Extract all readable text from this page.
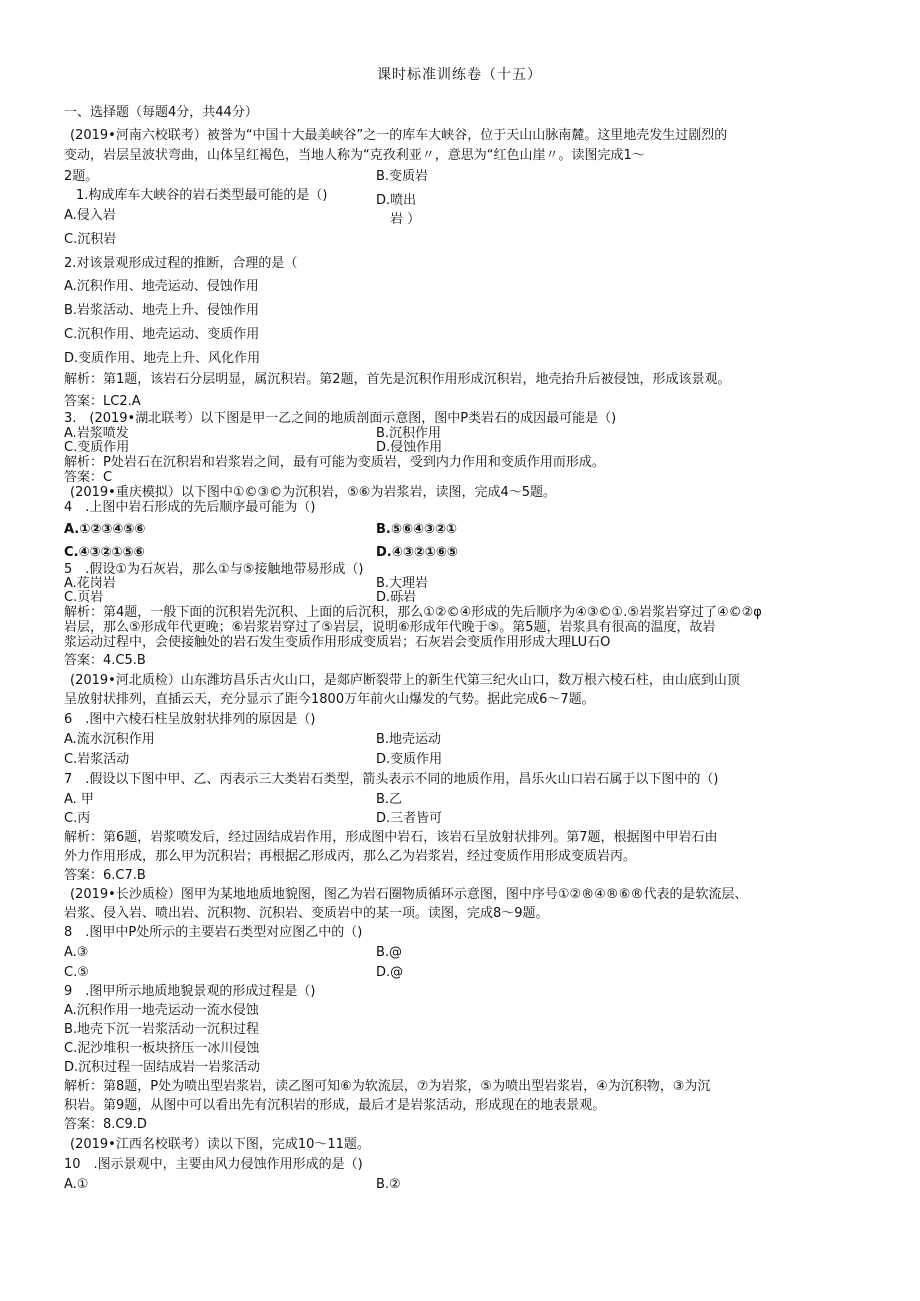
课时标准训练卷（十五）
一、选择题（每题4分，共44分）
(2019•河南六校联考）被誉为“中国十大最美峡谷”之一的库车大峡谷，位于天山山脉南麓。这里地壳发生过剧烈的
变动，岩层呈波状弯曲，山体呈红褐色，当地人称为“克孜利亚〃，意思为“红色山崖〃。读图完成1〜
2题。	B.变质岩
1.构成库车大峡谷的岩石类型最可能的是（)	D.喷出
A.侵入岩	岩 ）
C.沉积岩
2.对该景观形成过程的推断，合理的是（
A.沉积作用、地壳运动、侵蚀作用
B.岩浆活动、地壳上升、侵蚀作用
C.沉积作用、地壳运动、变质作用
D.变质作用、地壳上升、风化作用
解析：第1题，该岩石分层明显，属沉积岩。第2题，首先是沉积作用形成沉积岩，地壳抬升后被侵蚀，形成该景观。
答案：LC2.A
3.　(2019•湖北联考）以下图是甲一乙之间的地质剖面示意图，图中P类岩石的成因最可能是（)
A.岩浆喷发	B.沉积作用
C.变质作用	D.侵蚀作用
解析：P处岩石在沉积岩和岩浆岩之间，最有可能为变质岩，受到内力作用和变质作用而形成。
答案：C
(2019•重庆模拟）以下图中①©③©为沉积岩，⑤⑥为岩浆岩，读图，完成4〜5题。
4　.上图中岩石形成的先后顺序最可能为（)
A.①②③④⑤⑥	B.⑤⑥④③②①
C.④③②①⑤⑥	D.④③②①⑥⑤
5　.假设①为石灰岩，那么①与⑤接触地带易形成（)
A.花岗岩	B.大理岩
C.页岩	D.砾岩
解析：第4题，一般下面的沉积岩先沉积、上面的后沉积，那么①②©④形成的先后顺序为④③©①.⑤岩浆岩穿过了④©②φ
岩层，那么⑤形成年代更晚；⑥岩浆岩穿过了⑤岩层，说明⑥形成年代晚于⑤。第5题，岩浆具有很高的温度，故岩
浆运动过程中，会使接触处的岩石发生变质作用形成变质岩；石灰岩会变质作用形成大理LU石O
答案：4.C5.B
(2019•河北质检）山东潍坊昌乐古火山口，是郯庐断裂带上的新生代第三纪火山口，数万根六棱石柱，由山底到山顶
呈放射状排列，直插云天，充分显示了距今1800万年前火山爆发的气势。据此完成6〜7题。
6　.图中六棱石柱呈放射状排列的原因是（)
A.流水沉积作用	B.地壳运动
C.岩浆活动	D.变质作用
7　.假设以下图中甲、乙、丙表示三大类岩石类型，箭头表示不同的地质作用，昌乐火山口岩石属于以下图中的（)
A. 甲	B.乙
C.丙	D.三者皆可
解析：第6题，岩浆喷发后，经过固结成岩作用，形成图中岩石，该岩石呈放射状排列。第7题，根据图中甲岩石由
外力作用形成，那么甲为沉积岩；再根据乙形成丙，那么乙为岩浆岩，经过变质作用形成变质岩丙。
答案：6.C7.B
(2019•长沙质检）图甲为某地地质地貌图，图乙为岩石圈物质循环示意图，图中序号①②®④®⑥®代表的是软流层、
岩浆、侵入岩、喷出岩、沉积物、沉积岩、变质岩中的某一项。读图，完成8〜9题。
8　.图甲中P处所示的主要岩石类型对应图乙中的（)
A.③	B.@
C.⑤	D.@
9　.图甲所示地质地貌景观的形成过程是（)
A.沉积作用一地壳运动一流水侵蚀
B.地壳下沉一岩浆活动一沉积过程
C.泥沙堆积一板块挤压一冰川侵蚀
D.沉积过程一固结成岩一岩浆活动
解析：第8题，P处为喷出型岩浆岩，读乙图可知⑥为软流层，⑦为岩浆，⑤为喷出型岩浆岩，④为沉积物，③为沉
积岩。第9题，从图中可以看出先有沉积岩的形成，最后才是岩浆活动，形成现在的地表景观。
答案：8.C9.D
(2019•江西名校联考）读以下图，完成10〜11题。
10　.图示景观中，主要由风力侵蚀作用形成的是（)
A.①	B.②
